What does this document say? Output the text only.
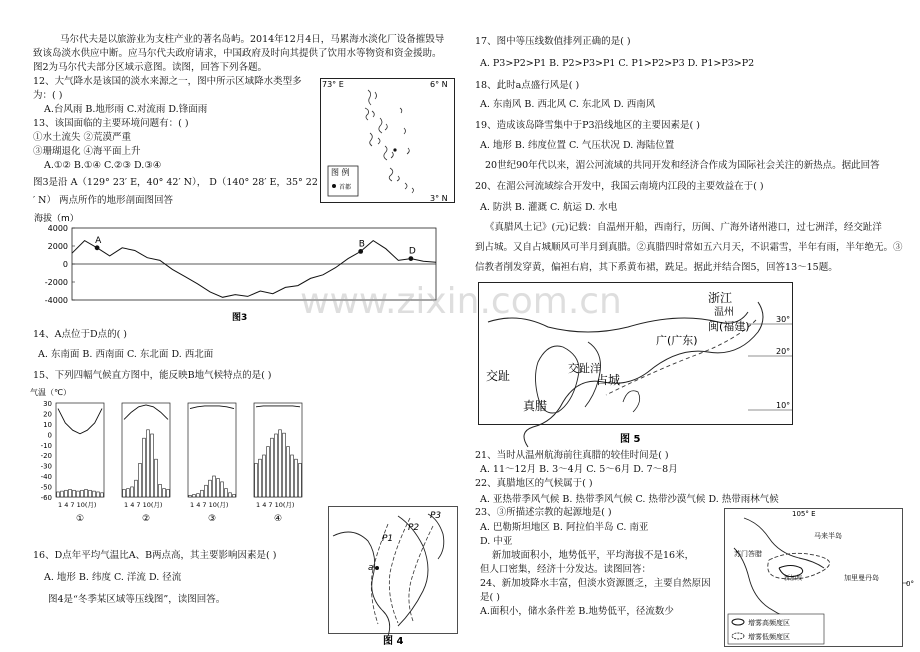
马尔代夫是以旅游业为支柱产业的著名岛屿。2014年12月4日，马累海水淡化厂设备摧毁导
致该岛淡水供应中断。应马尔代夫政府请求，中国政府及时向其提供了饮用水等物资和资金援助。
图2为马尔代夫部分区域示意图。读图，回答下列各题。
12、大气降水是该国的淡水来源之一，图中所示区域降水类型多
为：( )
A.台风雨 B.地形雨 C.对流雨 D.锋面雨
13、该国面临的主要环境问题有：( )
①水土流失 ②荒漠严重
③珊瑚退化 ④海平面上升
A.①② B.①④ C.②③ D.③④
图3是沿 A（129° 23′ E，40° 42′ N）， D（140° 28′ E，35° 22
′ N） 两点所作的地形剖面图回答
73° E	6° N
3° N
图 例
首都
海拔（m）
4000
2000
0
-2000
-4000
A	B
D
图3
14、A点位于D点的( )
A. 东南面 B. 西南面 C. 东北面 D. 西北面
15、下列四幅气候直方图中，能反映B地气候特点的是( )
气温（℃）
30
20
10
0
-10
-20
-30
-40
-50
-60
1 4 7 10(月)
①
1 4 7 10(月)
②
1 4 7 10(月)
③
1 4 7 10(月)
④
16、D点年平均气温比A、B两点高，其主要影响因素是( )
A. 地形 B. 纬度 C. 洋流 D. 径流
图4是“冬季某区域等压线图”，读图回答。
P1
P2
P3
a
图 4
17、图中等压线数值排列正确的是( )
A. P3>P2>P1 B. P2>P3>P1 C. P1>P2>P3 D. P1>P3>P2
18、此时a点盛行风是( )
A. 东南风 B. 西北风 C. 东北风 D. 西南风
19、造成该岛降雪集中于P3沿线地区的主要因素是( )
A. 地形 B. 纬度位置 C. 气压状况 D. 海陆位置
20世纪90年代以来，湄公河流域的共同开发和经济合作成为国际社会关注的新热点。据此回答
20、在湄公河流域综合开发中，我国云南境内江段的主要效益在于( )
A. 防洪 B. 灌溉 C. 航运 D. 水电
《真腊风土记》(元)记载：自温州开船，西南行，历闽、广海外诸州港口，过七洲洋，经交趾洋
到占城。又自占城顺风可半月到真腊。②真腊四时常如五六月天，不识霜雪，半年有雨，半年绝无。③
信教者削发穿黄，偏袒右肩，其下系黄布裙，跣足。据此并结合图5，回答13～15题。
30°
20°
10°
浙江
温州
闽(福建)
广(广东)
交趾	占城
真腊
交趾洋
图 5
21、当时从温州航海前往真腊的较佳时间是( )
A. 11～12月 B. 3～4月 C. 5～6月 D. 7～8月
22、真腊地区的气候属于( )
A. 亚热带季风气候 B. 热带季风气候 C. 热带沙漠气候 D. 热带雨林气候
23、③所描述宗教的起源地是( )
A. 巴勒斯坦地区 B. 阿拉伯半岛 C. 南亚
D. 中亚
新加坡面积小，地势低平，平均海拔不是16米，
但人口密集，经济十分发达。读图回答：
24、新加坡降水丰富，但淡水资源匮乏，主要自然原因
是( )
A.面积小，储水条件差 B.地势低平，径流数少
105° E
0°
马来半岛
苏门答腊
新加坡	加里曼丹岛
增雾高频度区
增雾低频度区
www.zixin.com.cn
